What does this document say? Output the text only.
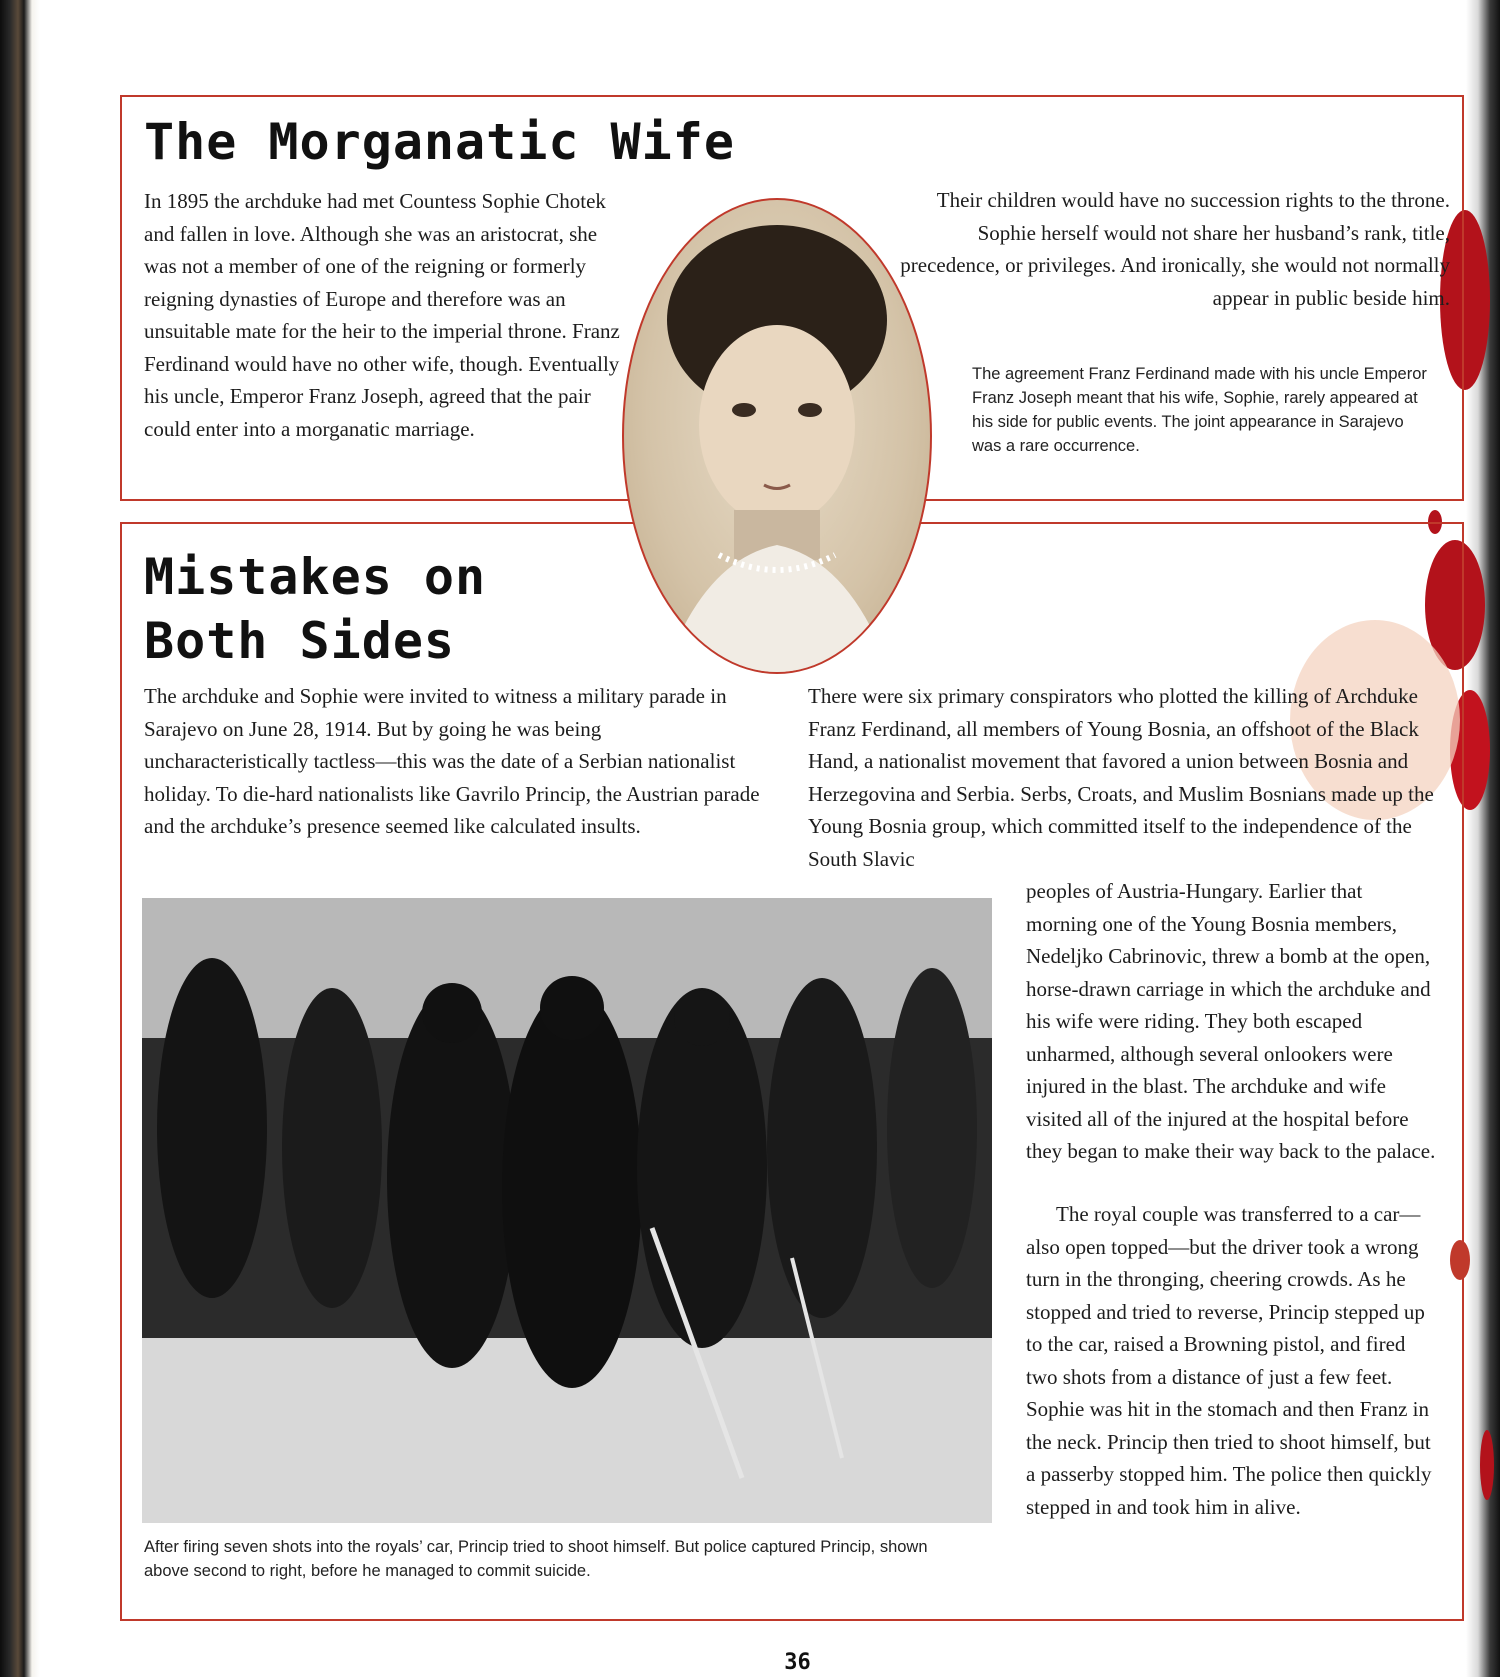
The Morganatic Wife

In 1895 the archduke had met Countess Sophie Chotek and fallen in love. Although she was an aristocrat, she was not a member of one of the reigning or formerly reigning dynasties of Europe and therefore was an unsuitable mate for the heir to the imperial throne. Franz Ferdinand would have no other wife, though. Eventually his uncle, Emperor Franz Joseph, agreed that the pair could enter into a morganatic marriage.

Their children would have no succession rights to the throne. Sophie herself would not share her husband’s rank, title, precedence, or privileges. And ironically, she would not normally appear in public beside him.

The agreement Franz Ferdinand made with his uncle Emperor Franz Joseph meant that his wife, Sophie, rarely appeared at his side for public events. The joint appearance in Sarajevo was a rare occurrence.

Mistakes on
Both Sides

The archduke and Sophie were invited to witness a military parade in Sarajevo on June 28, 1914. But by going he was being uncharacteristically tactless—this was the date of a Serbian nationalist holiday. To die-hard nationalists like Gavrilo Princip, the Austrian parade and the archduke’s presence seemed like calculated insults.

There were six primary conspirators who plotted the killing of Archduke Franz Ferdinand, all members of Young Bosnia, an offshoot of the Black Hand, a nationalist movement that favored a union between Bosnia and Herzegovina and Serbia. Serbs, Croats, and Muslim Bosnians made up the Young Bosnia group, which committed itself to the independence of the South Slavic

peoples of Austria-Hungary. Earlier that morning one of the Young Bosnia members, Nedeljko Cabrinovic, threw a bomb at the open, horse-drawn carriage in which the archduke and his wife were riding. They both escaped unharmed, although several onlookers were injured in the blast. The archduke and wife visited all of the injured at the hospital before they began to make their way back to the palace.

The royal couple was transferred to a car—also open topped—but the driver took a wrong turn in the thronging, cheering crowds. As he stopped and tried to reverse, Princip stepped up to the car, raised a Browning pistol, and fired two shots from a distance of just a few feet. Sophie was hit in the stomach and then Franz in the neck. Princip then tried to shoot himself, but a passerby stopped him. The police then quickly stepped in and took him in alive.

After firing seven shots into the royals’ car, Princip tried to shoot himself. But police captured Princip, shown above second to right, before he managed to commit suicide.

36
